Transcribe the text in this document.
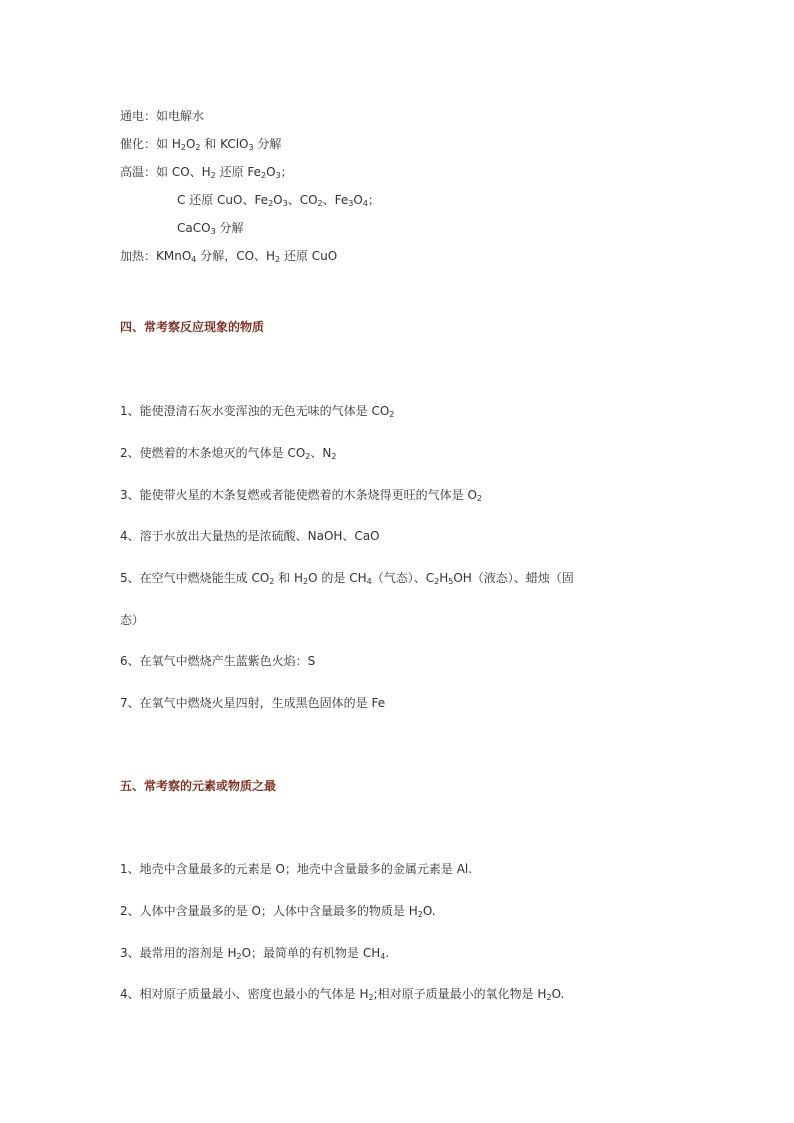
通电：如电解水
催化：如 $H_2O_2$ 和 KClO$_3$ 分解
高温：如 CO、$H_2$ 还原 $Fe_2O_3$；
C 还原 CuO、$Fe_2O_3$、$CO_2$、$Fe_3O_4$；
CaCO$_3$ 分解
加热：KMnO$_4$ 分解，CO、$H_2$ 还原 CuO
四、常考察反应现象的物质
1、能使澄清石灰水变浑浊的无色无味的气体是 $CO_2$
2、使燃着的木条熄灭的气体是 $CO_2$、$N_2$
3、能使带火星的木条复燃或者能使燃着的木条烧得更旺的气体是 $O_2$
4、溶于水放出大量热的是浓硫酸、NaOH、CaO
5、在空气中燃烧能生成 $CO_2$ 和 $H_2O$ 的是 $CH_4$（气态）、$C_2H_5OH$（液态）、蜡烛（固
态）
6、在氧气中燃烧产生蓝紫色火焰：S
7、在氧气中燃烧火星四射，生成黑色固体的是 Fe
五、常考察的元素或物质之最
1、地壳中含量最多的元素是 O；地壳中含量最多的金属元素是 Al.
2、人体中含量最多的是 O；人体中含量最多的物质是 $H_2O$.
3、最常用的溶剂是 $H_2O$；最简单的有机物是 $CH_4$.
4、相对原子质量最小、密度也最小的气体是 $H_2$;相对原子质量最小的氧化物是 $H_2O$.
